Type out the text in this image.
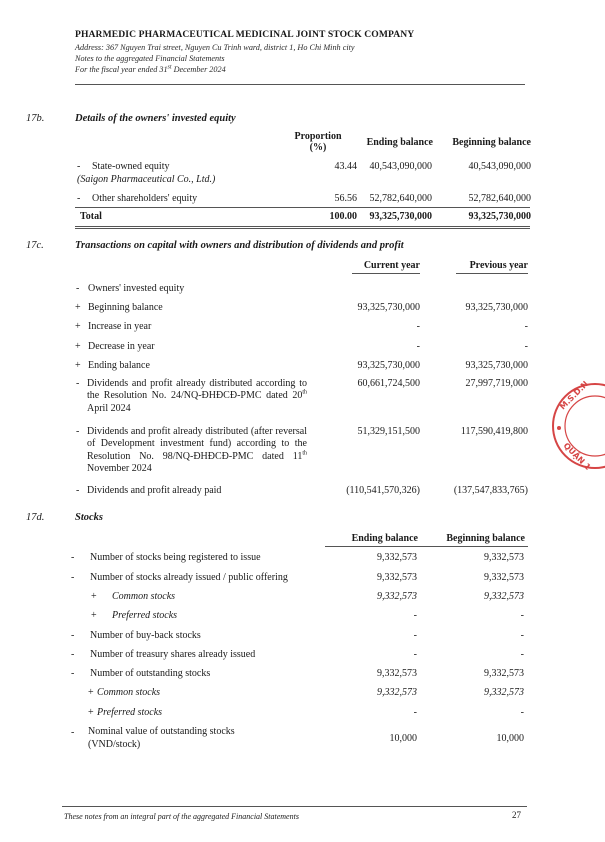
PHARMEDIC PHARMACEUTICAL MEDICINAL JOINT STOCK COMPANY
Address: 367 Nguyen Trai street, Nguyen Cu Trinh ward, district 1, Ho Chi Minh city
Notes to the aggregated Financial Statements
For the fiscal year ended 31st December 2024
17b.	Details of the owners' invested equity
Proportion
(%)	Ending balance	Beginning balance
- State-owned equity
(Saigon Pharmaceutical Co., Ltd.)
43.44	40,543,090,000	40,543,090,000
- Other shareholders' equity	56.56	52,782,640,000	52,782,640,000
Total	100.00	93,325,730,000	93,325,730,000
17c.	Transactions on capital with owners and distribution of dividends and profit
Current year	Previous year
- Owners' invested equity
+ Beginning balance	93,325,730,000	93,325,730,000
+ Increase in year	-	-
+ Decrease in year	-	-
+ Ending balance	93,325,730,000	93,325,730,000
- Dividends and profit already distributed according to the Resolution No. 24/NQ-ĐHĐCĐ-PMC dated 20th April 2024
60,661,724,500	27,997,719,000
- Dividends and profit already distributed (after reversal of Development investment fund) according to the Resolution No. 98/NQ-ĐHĐCĐ-PMC dated 11th November 2024
51,329,151,500	117,590,419,800
- Dividends and profit already paid	(110,541,570,326)	(137,547,833,765)
17d.	Stocks
Ending balance	Beginning balance
- Number of stocks being registered to issue	9,332,573	9,332,573
- Number of stocks already issued / public offering	9,332,573	9,332,573
+ Common stocks	9,332,573	9,332,573
+ Preferred stocks	-	-
- Number of buy-back stocks	-	-
- Number of treasury shares already issued	-	-
- Number of outstanding stocks	9,332,573	9,332,573
+ Common stocks	9,332,573	9,332,573
+ Preferred stocks	-	-
- Nominal value of outstanding stocks
(VND/stock)
10,000	10,000
These notes from an integral part of the aggregated Financial Statements	27
M.S.D.N
QUẬN 1
